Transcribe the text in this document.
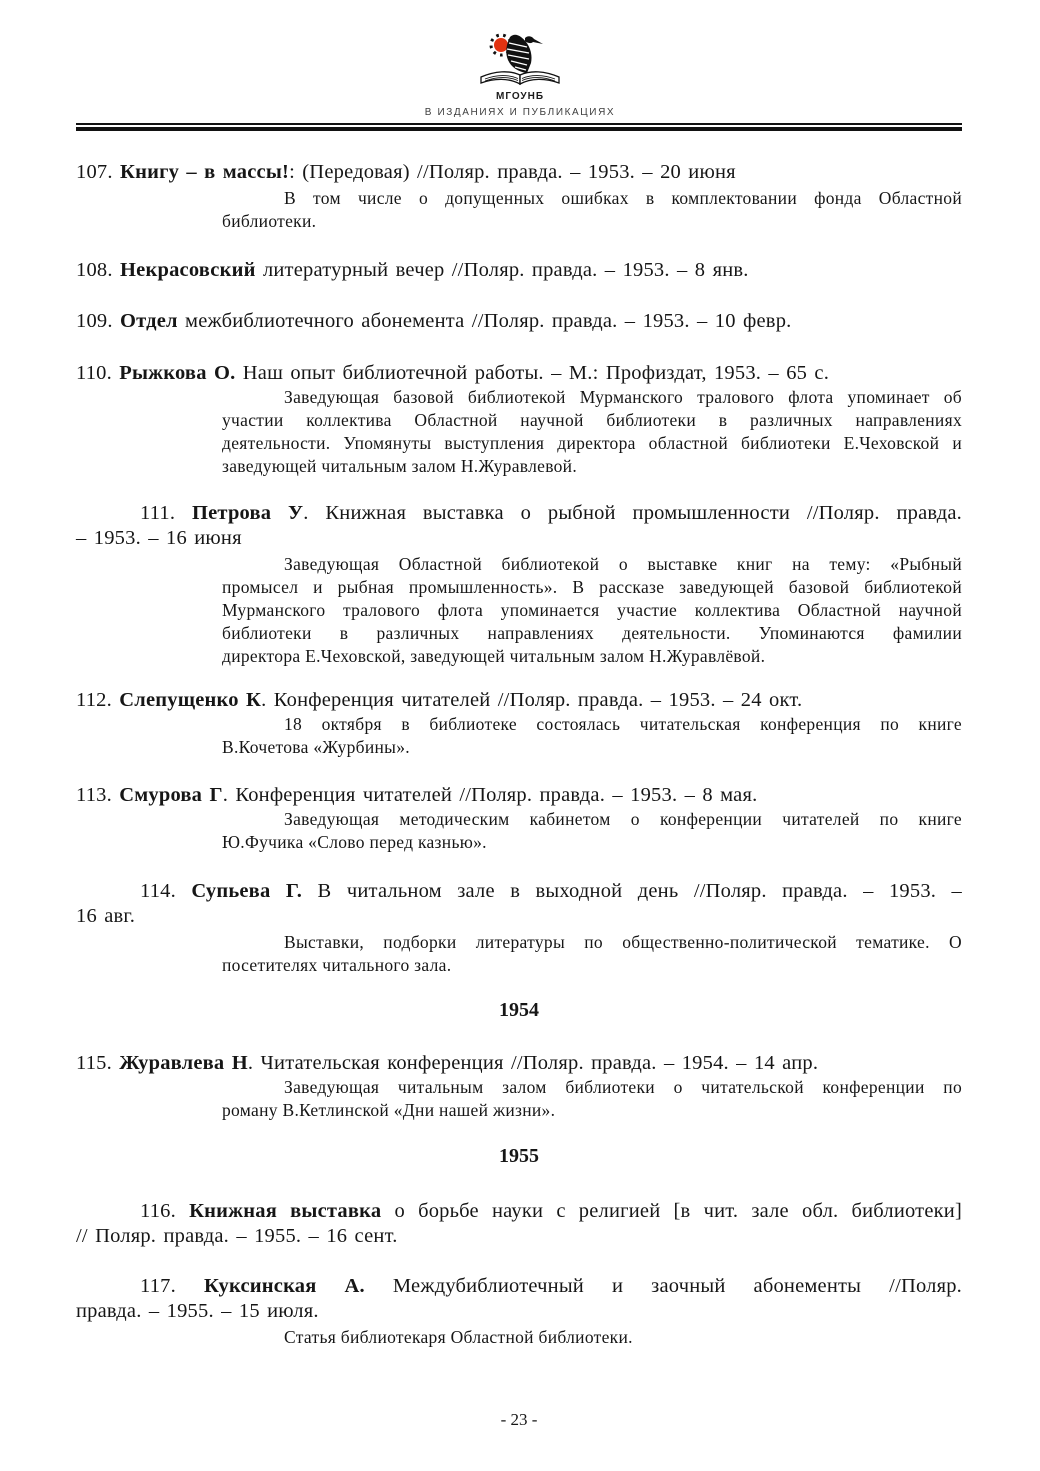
МГОУНБ
В ИЗДАНИЯХ И ПУБЛИКАЦИЯХ

107. Книгу – в массы!: (Передовая) //Поляр. правда. – 1953. – 20 июня

В том числе о допущенных ошибках в комплектовании фонда Областной
библиотеки.

108. Некрасовский литературный вечер //Поляр. правда. – 1953. – 8 янв.

109. Отдел межбиблиотечного абонемента //Поляр. правда. – 1953. – 10 февр.

110. Рыжкова О. Наш опыт библиотечной работы. – М.: Профиздат, 1953. – 65 с.

Заведующая базовой библиотекой Мурманского тралового флота упоминает об
участии коллектива Областной научной библиотеки в различных направлениях
деятельности. Упомянуты выступления директора областной библиотеки Е.Чеховской и
заведующей читальным залом Н.Журавлевой.
111. Петрова У. Книжная выставка о рыбной промышленности //Поляр. правда.
– 1953. – 16 июня
Заведующая Областной библиотекой о выставке книг на тему: «Рыбный
промысел и рыбная промышленность». В рассказе заведующей базовой библиотекой
Мурманского тралового флота упоминается участие коллектива Областной научной
библиотеки в различных направлениях деятельности. Упоминаются фамилии
директора Е.Чеховской, заведующей читальным залом Н.Журавлёвой.

112. Слепущенко К. Конференция читателей //Поляр. правда. – 1953. – 24 окт.

18 октября в библиотеке состоялась читательская конференция по книге
В.Кочетова «Журбины».

113. Смурова Г. Конференция читателей //Поляр. правда. – 1953. – 8 мая.

Заведующая методическим кабинетом о конференции читателей по книге
Ю.Фучика «Слово перед казнью».
114. Супьева Г. В читальном зале в выходной день //Поляр. правда. – 1953. –
16 авг.
Выставки, подборки литературы по общественно-политической тематике. О
посетителях читального зала.

1954

115. Журавлева Н. Читательская конференция //Поляр. правда. – 1954. – 14 апр.

Заведующая читальным залом библиотеки о читательской конференции по
роману В.Кетлинской «Дни нашей жизни».

1955

116. Книжная выставка о борьбе науки с религией [в чит. зале обл. библиотеки]
// Поляр. правда. – 1955. – 16 сент.
117. Куксинская А. Междубиблиотечный и заочный абонементы //Поляр.
правда. – 1955. – 15 июля.
Статья библиотекаря Областной библиотеки.
- 23 -
